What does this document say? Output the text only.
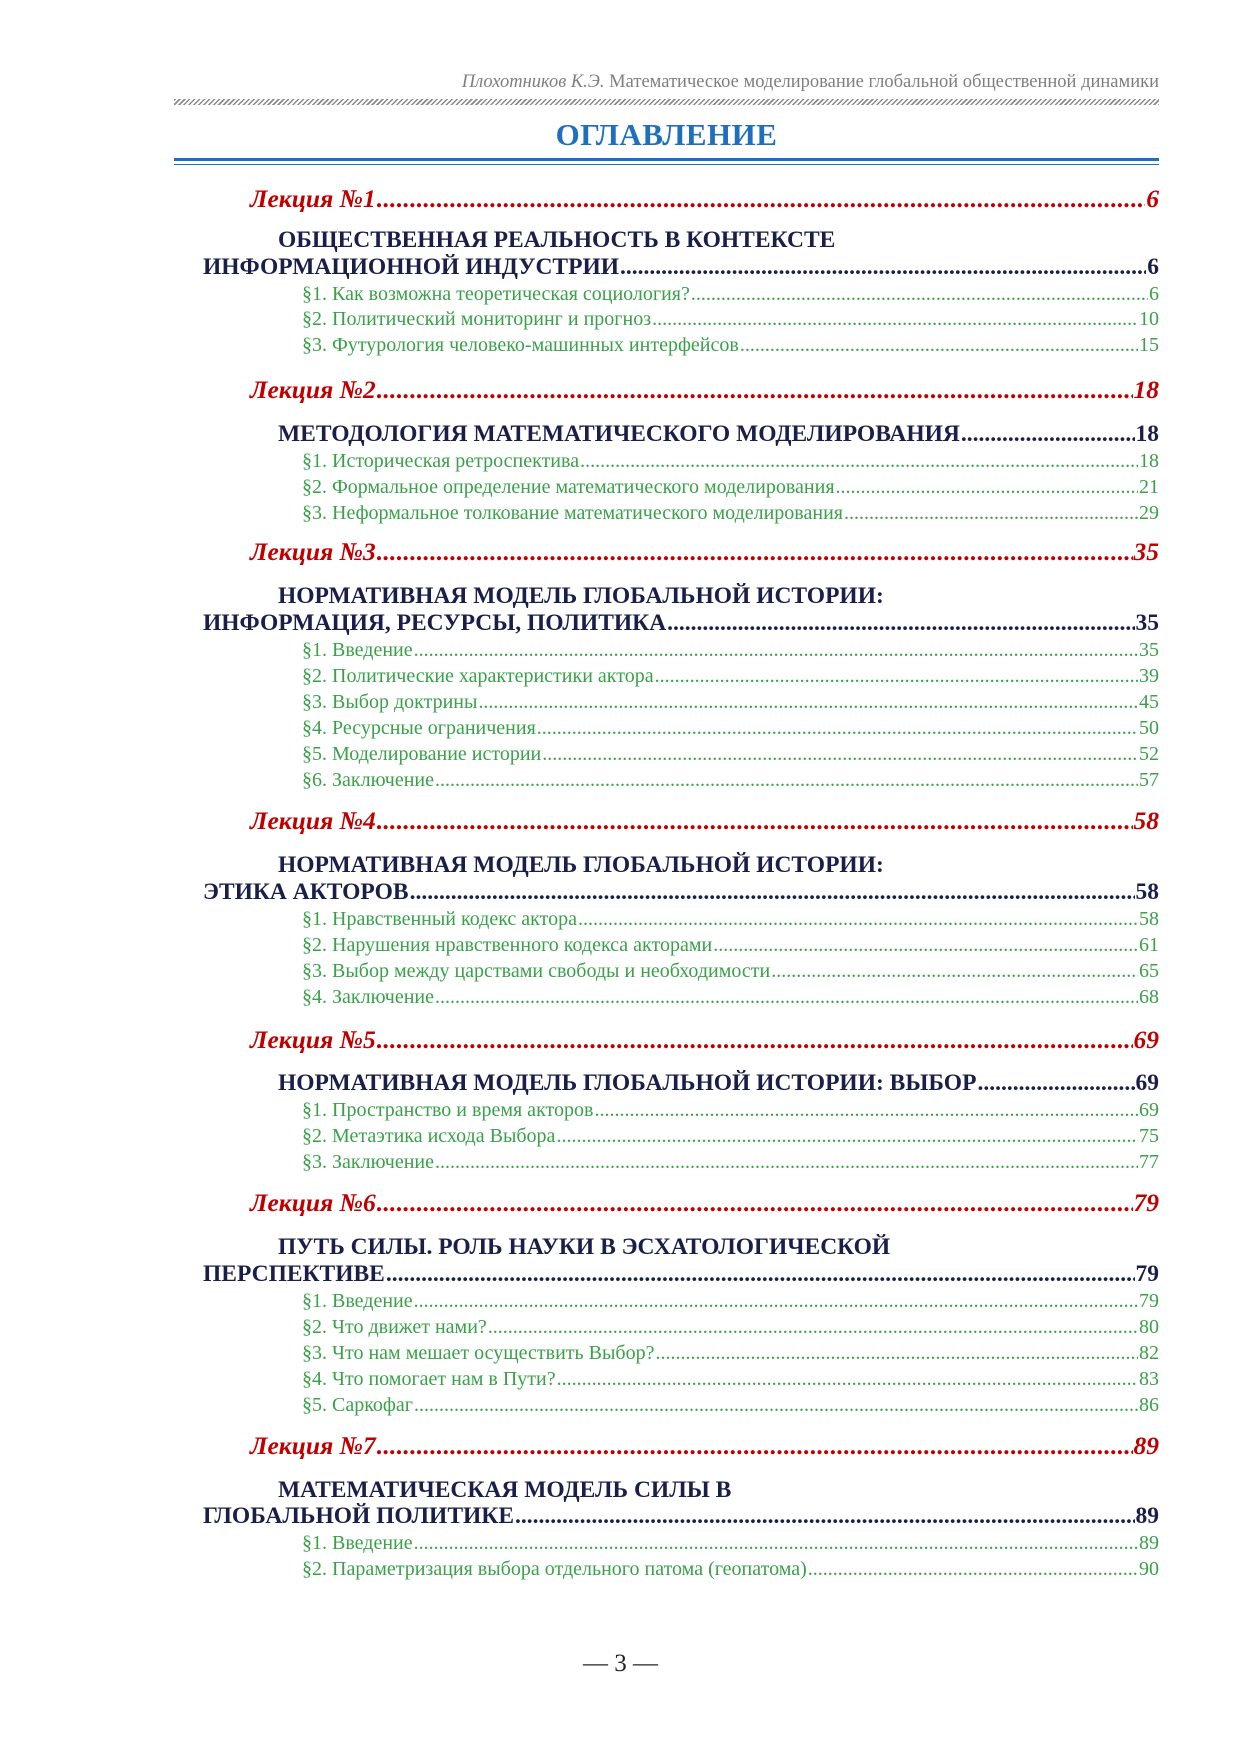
Плохотников К.Э. Математическое моделирование глобальной общественной динамики
ОГЛАВЛЕНИЕ
Лекция №1 .....	6
ОБЩЕСТВЕННАЯ РЕАЛЬНОСТЬ В КОНТЕКСТЕ
ИНФОРМАЦИОННОЙ ИНДУСТРИИ .....	6
§1. Как возможна теоретическая социология? .....	6
§2. Политический мониторинг и прогноз .....	10
§3. Футурология человеко-машинных интерфейсов .....	15
Лекция №2 .....	18
МЕТОДОЛОГИЯ МАТЕМАТИЧЕСКОГО МОДЕЛИРОВАНИЯ .....	18
§1. Историческая ретроспектива .....	18
§2. Формальное определение математического моделирования .....	21
§3. Неформальное толкование математического моделирования .....	29
Лекция №3 .....	35
НОРМАТИВНАЯ МОДЕЛЬ ГЛОБАЛЬНОЙ ИСТОРИИ:
ИНФОРМАЦИЯ, РЕСУРСЫ, ПОЛИТИКА .....	35
§1. Введение .....	35
§2. Политические характеристики актора .....	39
§3. Выбор доктрины .....	45
§4. Ресурсные ограничения .....	50
§5. Моделирование истории .....	52
§6. Заключение .....	57
Лекция №4 .....	58
НОРМАТИВНАЯ МОДЕЛЬ ГЛОБАЛЬНОЙ ИСТОРИИ:
ЭТИКА АКТОРОВ .....	58
§1. Нравственный кодекс актора .....	58
§2. Нарушения нравственного кодекса акторами .....	61
§3. Выбор между царствами свободы и необходимости .....	65
§4. Заключение .....	68
Лекция №5 .....	69
НОРМАТИВНАЯ МОДЕЛЬ ГЛОБАЛЬНОЙ ИСТОРИИ: ВЫБОР .....	69
§1. Пространство и время акторов .....	69
§2. Метаэтика исхода Выбора .....	75
§3. Заключение .....	77
Лекция №6 .....	79
ПУТЬ СИЛЫ. РОЛЬ НАУКИ В ЭСХАТОЛОГИЧЕСКОЙ
ПЕРСПЕКТИВЕ .....	79
§1. Введение .....	79
§2. Что движет нами? .....	80
§3. Что нам мешает осуществить Выбор? .....	82
§4. Что помогает нам в Пути? .....	83
§5. Саркофаг .....	86
Лекция №7 .....	89
МАТЕМАТИЧЕСКАЯ МОДЕЛЬ СИЛЫ В
ГЛОБАЛЬНОЙ ПОЛИТИКЕ .....	89
§1. Введение .....	89
§2. Параметризация выбора отдельного патома (геопатома) .....	90
— 3 —
